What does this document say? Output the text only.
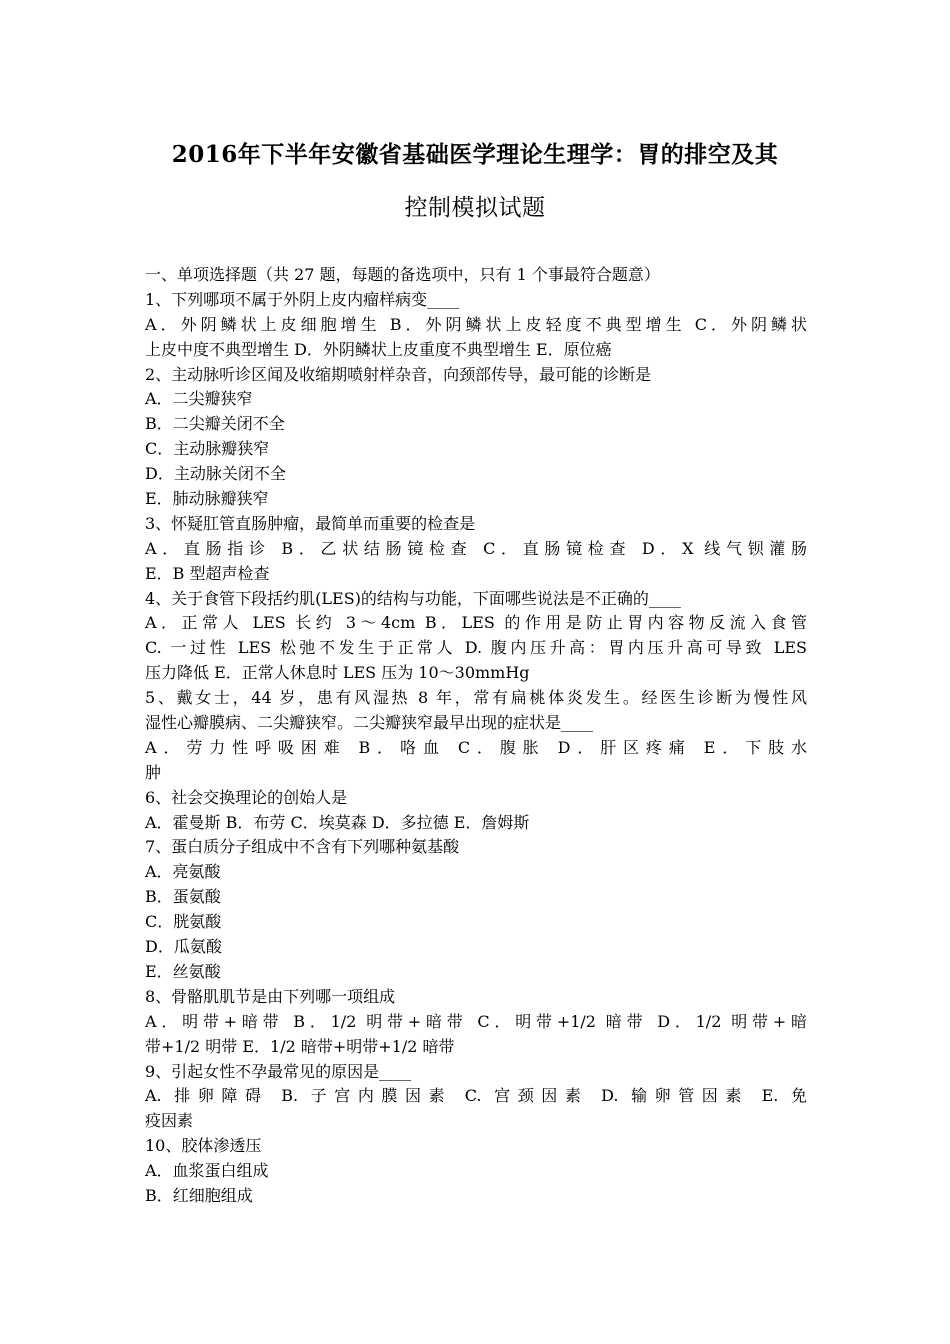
2016年下半年安徽省基础医学理论生理学：胃的排空及其
控制模拟试题
一、单项选择题（共 27 题，每题的备选项中，只有 1 个事最符合题意）
1、下列哪项不属于外阴上皮内瘤样病变____
A．外阴鳞状上皮细胞增生 B．外阴鳞状上皮轻度不典型增生 C．外阴鳞状
上皮中度不典型增生 D．外阴鳞状上皮重度不典型增生 E．原位癌
2、主动脉听诊区闻及收缩期喷射样杂音，向颈部传导，最可能的诊断是
A．二尖瓣狭窄
B．二尖瓣关闭不全
C．主动脉瓣狭窄
D．主动脉关闭不全
E．肺动脉瓣狭窄
3、怀疑肛管直肠肿瘤，最简单而重要的检查是
A．直肠指诊 B．乙状结肠镜检查 C．直肠镜检查 D．X 线气钡灌肠
E．B 型超声检查
4、关于食管下段括约肌(LES)的结构与功能，下面哪些说法是不正确的____
A．正常人 LES 长约 3～4cm B．LES 的作用是防止胃内容物反流入食管
C. 一过性 LES 松弛不发生于正常人 D. 腹内压升高：胃内压升高可导致 LES
压力降低 E．正常人休息时 LES 压为 10～30mmHg
5、戴女士，44 岁，患有风湿热 8 年，常有扁桃体炎发生。经医生诊断为慢性风
湿性心瓣膜病、二尖瓣狭窄。二尖瓣狭窄最早出现的症状是____
A．劳力性呼吸困难 B．咯血 C．腹胀 D．肝区疼痛 E．下肢水
肿
6、社会交换理论的创始人是
A．霍曼斯 B．布劳 C．埃莫森 D．多拉德 E．詹姆斯
7、蛋白质分子组成中不含有下列哪种氨基酸
A．亮氨酸
B．蛋氨酸
C．胱氨酸
D．瓜氨酸
E．丝氨酸
8、骨骼肌肌节是由下列哪一项组成
A．明带+暗带 B．1/2 明带+暗带 C．明带+1/2 暗带 D．1/2 明带+暗
带+1/2 明带 E．1/2 暗带+明带+1/2 暗带
9、引起女性不孕最常见的原因是____
A. 排卵障碍 B. 子宫内膜因素 C. 宫颈因素 D. 输卵管因素 E. 免
疫因素
10、胶体渗透压
A．血浆蛋白组成
B．红细胞组成
